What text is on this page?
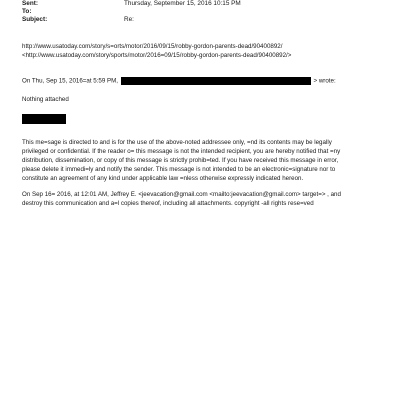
Sent:	Thursday, September 15, 2016 10:15 PM
To:
Subject:	Re:
http://www.usatoday.com/story/s=orts/motor/2016/09/15/robby-gordon-parents-dead/90400892/
<http://www.usatoday.com/story/sports/motor/2016=09/15/robby-gordon-parents-dead/90400892/>
On Thu, Sep 15, 2016=at 5:59 PM,	> wrote:
Nothing attached
This me=sage is directed to and is for the use of the above-noted addressee only, =nd its contents may be legally
privileged or confidential. If the reader o= this message is not the intended recipient, you are hereby notified that =ny
distribution, dissemination, or copy of this message is strictly prohib=ted. If you have received this message in error,
please delete it immedi=ly and notify the sender. This message is not intended to be an electronic=signature nor to
constitute an agreement of any kind under applicable law =nless otherwise expressly indicated hereon.
On Sep 16= 2016, at 12:01 AM, Jeffrey E. <jeevacation@gmail.com <mailto:jeevacation@gmail.com> target=> , and
destroy this communication and a=l copies thereof, including all attachments. copyright -all rights rese=ved
